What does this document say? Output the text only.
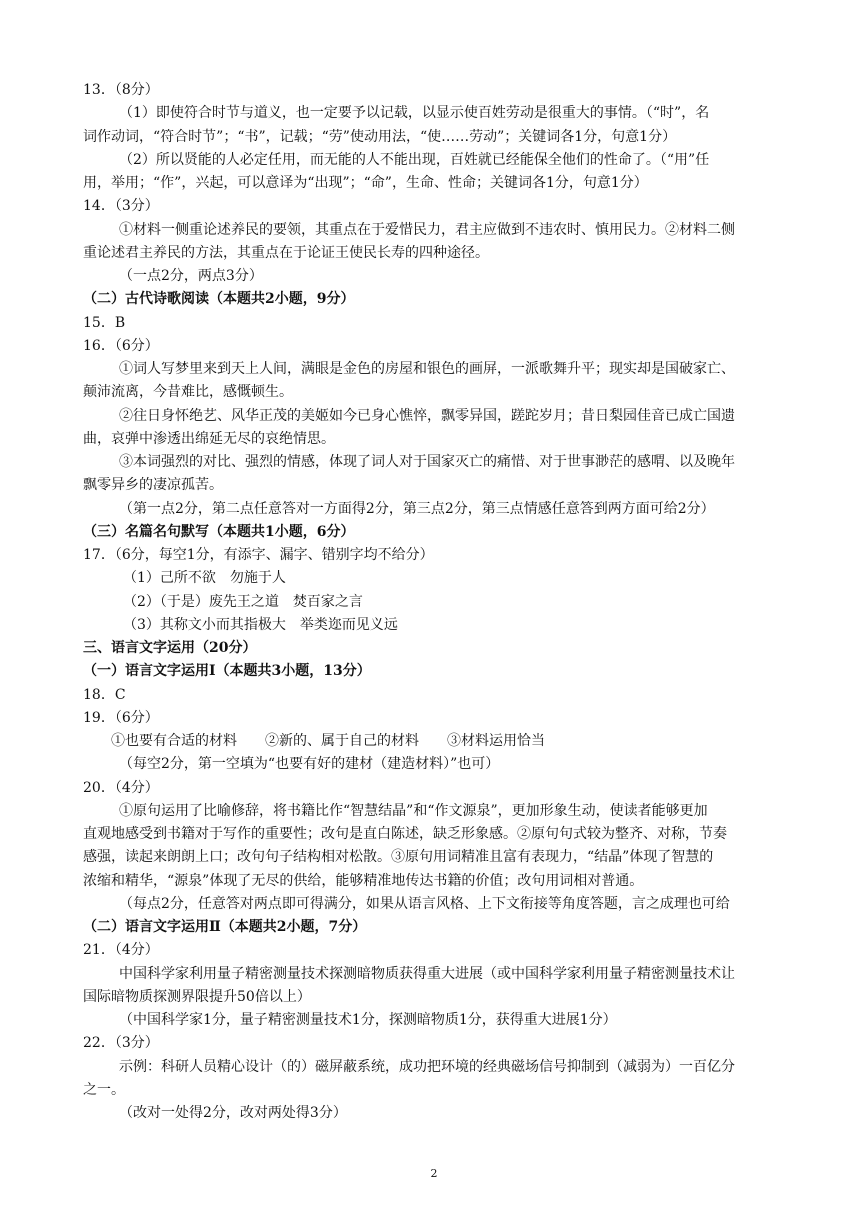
13．（8分）
（1）即使符合时节与道义，也一定要予以记载，以显示使百姓劳动是很重大的事情。（“时”，名
词作动词，“符合时节”；“书”，记载；“劳”使动用法，“使……劳动”；关键词各1分，句意1分）
（2）所以贤能的人必定任用，而无能的人不能出现，百姓就已经能保全他们的性命了。（“用”任
用，举用；“作”，兴起，可以意译为“出现”；“命”，生命、性命；关键词各1分，句意1分）
14．（3分）
①材料一侧重论述养民的要领，其重点在于爱惜民力，君主应做到不违农时、慎用民力。②材料二侧
重论述君主养民的方法，其重点在于论证王使民长寿的四种途径。
（一点2分，两点3分）
（二）古代诗歌阅读（本题共2小题，9分）
15．B
16．（6分）
①词人写梦里来到天上人间，满眼是金色的房屋和银色的画屏，一派歌舞升平；现实却是国破家亡、
颠沛流离，今昔难比，感慨顿生。
②往日身怀绝艺、风华正茂的美姬如今已身心憔悴，飘零异国，蹉跎岁月；昔日梨园佳音已成亡国遗
曲，哀弹中渗透出绵延无尽的哀绝情思。
③本词强烈的对比、强烈的情感，体现了词人对于国家灭亡的痛惜、对于世事渺茫的感喟、以及晚年
飘零异乡的凄凉孤苦。
（第一点2分，第二点任意答对一方面得2分，第三点2分，第三点情感任意答到两方面可给2分）
（三）名篇名句默写（本题共1小题，6分）
17．（6分，每空1分，有添字、漏字、错别字均不给分）
（1）己所不欲　勿施于人
（2）（于是）废先王之道　焚百家之言
（3）其称文小而其指极大　举类迩而见义远
三、语言文字运用（20分）
（一）语言文字运用Ⅰ（本题共3小题，13分）
18．C
19．（6分）
①也要有合适的材料　　②新的、属于自己的材料　　③材料运用恰当
（每空2分，第一空填为“也要有好的建材（建造材料）”也可）
20．（4分）
①原句运用了比喻修辞，将书籍比作“智慧结晶”和“作文源泉”，更加形象生动，使读者能够更加
直观地感受到书籍对于写作的重要性；改句是直白陈述，缺乏形象感。②原句句式较为整齐、对称，节奏
感强，读起来朗朗上口；改句句子结构相对松散。③原句用词精准且富有表现力，“结晶”体现了智慧的
浓缩和精华，“源泉”体现了无尽的供给，能够精准地传达书籍的价值；改句用词相对普通。
（每点2分，任意答对两点即可得满分，如果从语言风格、上下文衔接等角度答题，言之成理也可给
（二）语言文字运用Ⅱ（本题共2小题，7分）
21．（4分）
中国科学家利用量子精密测量技术探测暗物质获得重大进展（或中国科学家利用量子精密测量技术让
国际暗物质探测界限提升50倍以上）
（中国科学家1分，量子精密测量技术1分，探测暗物质1分，获得重大进展1分）
22．（3分）
示例：科研人员精心设计（的）磁屏蔽系统，成功把环境的经典磁场信号抑制到（减弱为）一百亿分
之一。
（改对一处得2分，改对两处得3分）
2
